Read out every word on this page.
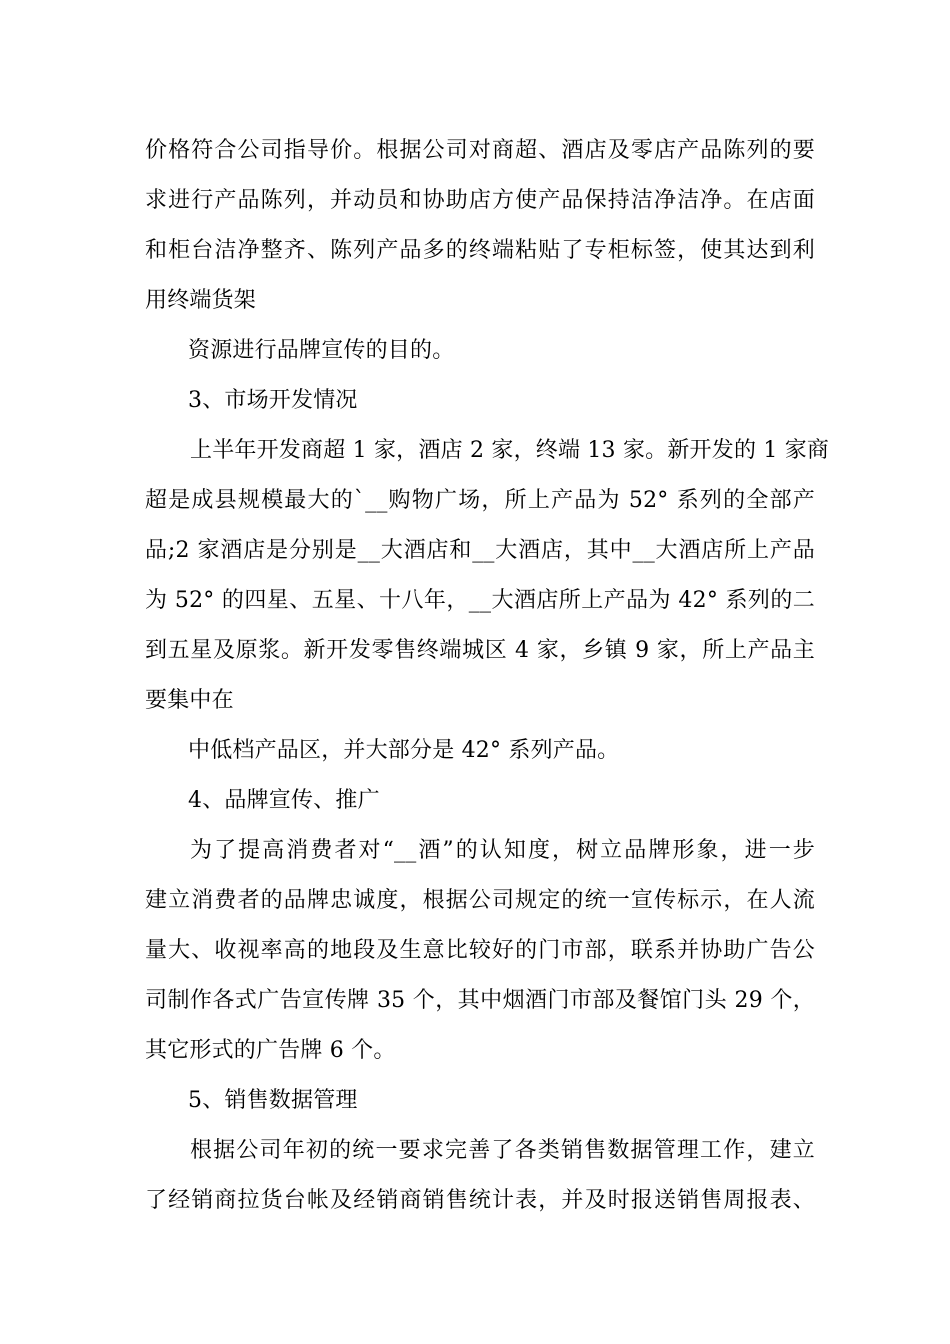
价格符合公司指导价。根据公司对商超、酒店及零店产品陈列的要
求进行产品陈列，并动员和协助店方使产品保持洁净洁净。在店面
和柜台洁净整齐、陈列产品多的终端粘贴了专柜标签，使其达到利
用终端货架
资源进行品牌宣传的目的。
3、市场开发情况
上半年开发商超 1 家，酒店 2 家，终端 13 家。新开发的 1 家商
超是成县规模最大的`__购物广场，所上产品为 52° 系列的全部产
品;2 家酒店是分别是__大酒店和__大酒店，其中__大酒店所上产品
为 52° 的四星、五星、十八年，__大酒店所上产品为 42° 系列的二
到五星及原浆。新开发零售终端城区 4 家，乡镇 9 家，所上产品主
要集中在
中低档产品区，并大部分是 42° 系列产品。
4、品牌宣传、推广
为了提高消费者对“__酒”的认知度，树立品牌形象，进一步
建立消费者的品牌忠诚度，根据公司规定的统一宣传标示，在人流
量大、收视率高的地段及生意比较好的门市部，联系并协助广告公
司制作各式广告宣传牌 35 个，其中烟酒门市部及餐馆门头 29 个，
其它形式的广告牌 6 个。
5、销售数据管理
根据公司年初的统一要求完善了各类销售数据管理工作，建立
了经销商拉货台帐及经销商销售统计表，并及时报送销售周报表、
